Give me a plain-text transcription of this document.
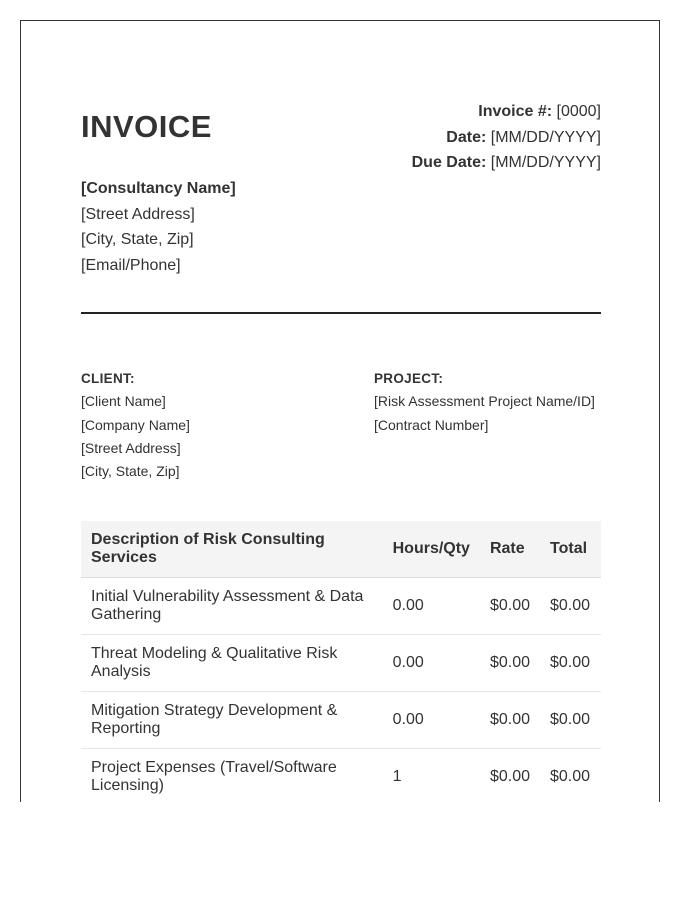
INVOICE	Invoice #: [0000]
Date: [MM/DD/YYYY]
Due Date: [MM/DD/YYYY]
[Consultancy Name]
[Street Address]
[City, State, Zip]
[Email/Phone]
CLIENT:
[Client Name]
[Company Name]
[Street Address]
[City, State, Zip]
PROJECT:
[Risk Assessment Project Name/ID]
[Contract Number]
Description of Risk Consulting Services	Hours/Qty	Rate	Total
Initial Vulnerability Assessment & Data Gathering	0.00	$0.00	$0.00
Threat Modeling & Qualitative Risk Analysis	0.00	$0.00	$0.00
Mitigation Strategy Development & Reporting	0.00	$0.00	$0.00
Project Expenses (Travel/Software Licensing)	1	$0.00	$0.00
